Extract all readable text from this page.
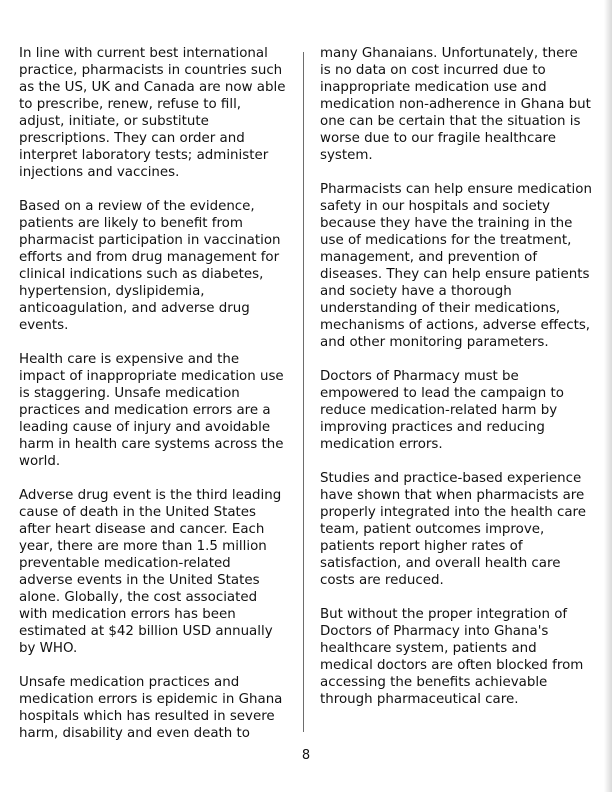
In line with current best international practice, pharmacists in countries such as the US, UK and Canada are now able to prescribe, renew, refuse to fill, adjust, initiate, or substitute prescriptions. They can order and interpret laboratory tests; administer injections and vaccines.

Based on a review of the evidence, patients are likely to benefit from pharmacist participation in vaccination efforts and from drug management for clinical indications such as diabetes, hypertension, dyslipidemia, anticoagulation, and adverse drug events.

Health care is expensive and the impact of inappropriate medication use is staggering. Unsafe medication practices and medication errors are a leading cause of injury and avoidable harm in health care systems across the world.

Adverse drug event is the third leading cause of death in the United States after heart disease and cancer. Each year, there are more than 1.5 million preventable medication-related adverse events in the United States alone. Globally, the cost associated with medication errors has been estimated at $42 billion USD annually by WHO.

Unsafe medication practices and medication errors is epidemic in Ghana hospitals which has resulted in severe harm, disability and even death to

many Ghanaians. Unfortunately, there is no data on cost incurred due to inappropriate medication use and medication non-adherence in Ghana but one can be certain that the situation is worse due to our fragile healthcare system.

Pharmacists can help ensure medication safety in our hospitals and society because they have the training in the use of medications for the treatment, management, and prevention of diseases. They can help ensure patients and society have a thorough understanding of their medications, mechanisms of actions, adverse effects, and other monitoring parameters.

Doctors of Pharmacy must be empowered to lead the campaign to reduce medication-related harm by improving practices and reducing medication errors.

Studies and practice-based experience have shown that when pharmacists are properly integrated into the health care team, patient outcomes improve, patients report higher rates of satisfaction, and overall health care costs are reduced.

But without the proper integration of Doctors of Pharmacy into Ghana's healthcare system, patients and medical doctors are often blocked from accessing the benefits achievable through pharmaceutical care.

8
